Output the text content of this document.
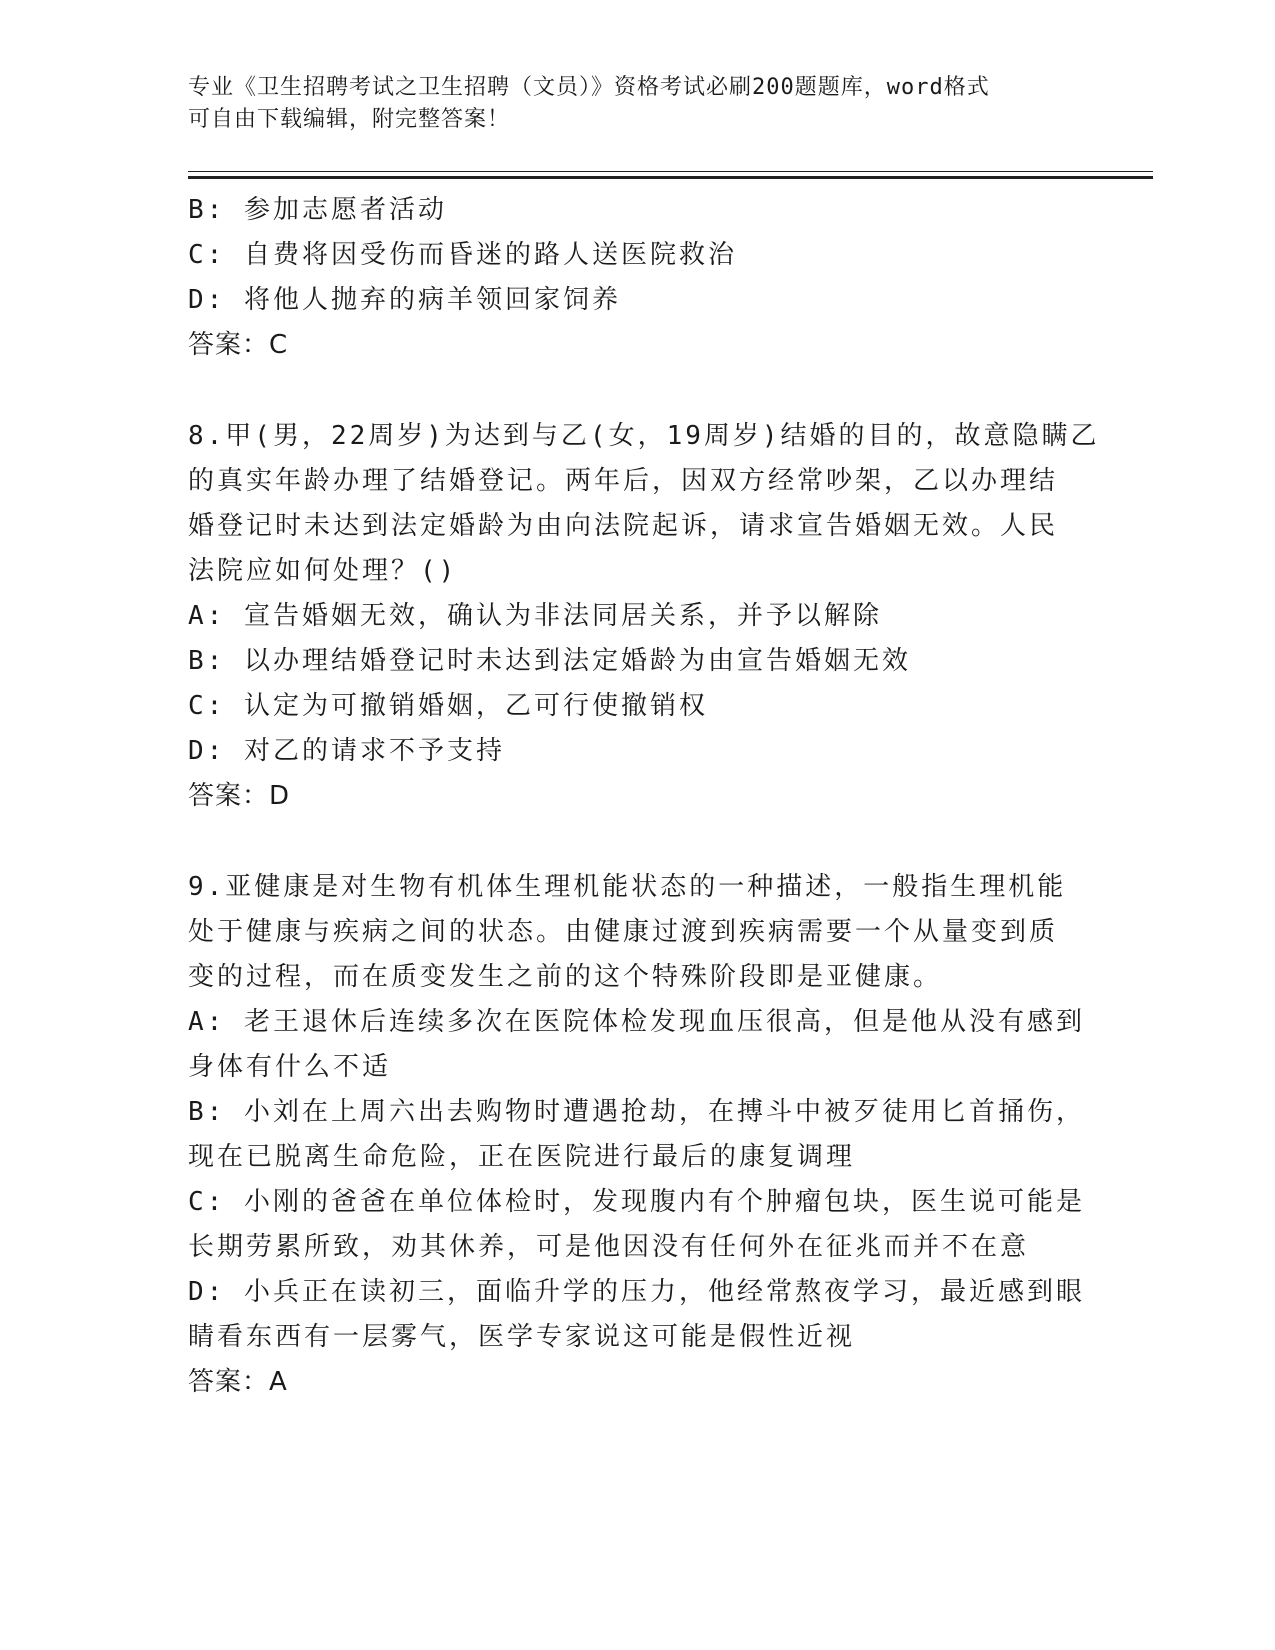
专业《卫生招聘考试之卫生招聘（文员）》资格考试必刷200题题库，word格式
可自由下载编辑，附完整答案！
B: 参加志愿者活动
C: 自费将因受伤而昏迷的路人送医院救治
D: 将他人抛弃的病羊领回家饲养
答案：C
8.甲(男，22周岁)为达到与乙(女，19周岁)结婚的目的，故意隐瞒乙
的真实年龄办理了结婚登记。两年后，因双方经常吵架，乙以办理结
婚登记时未达到法定婚龄为由向法院起诉，请求宣告婚姻无效。人民
法院应如何处理？()
A: 宣告婚姻无效，确认为非法同居关系，并予以解除
B: 以办理结婚登记时未达到法定婚龄为由宣告婚姻无效
C: 认定为可撤销婚姻，乙可行使撤销权
D: 对乙的请求不予支持
答案：D
9.亚健康是对生物有机体生理机能状态的一种描述，一般指生理机能
处于健康与疾病之间的状态。由健康过渡到疾病需要一个从量变到质
变的过程，而在质变发生之前的这个特殊阶段即是亚健康。
A: 老王退休后连续多次在医院体检发现血压很高，但是他从没有感到
身体有什么不适
B: 小刘在上周六出去购物时遭遇抢劫，在搏斗中被歹徒用匕首捅伤，
现在已脱离生命危险，正在医院进行最后的康复调理
C: 小刚的爸爸在单位体检时，发现腹内有个肿瘤包块，医生说可能是
长期劳累所致，劝其休养，可是他因没有任何外在征兆而并不在意
D: 小兵正在读初三，面临升学的压力，他经常熬夜学习，最近感到眼
睛看东西有一层雾气，医学专家说这可能是假性近视
答案：A
